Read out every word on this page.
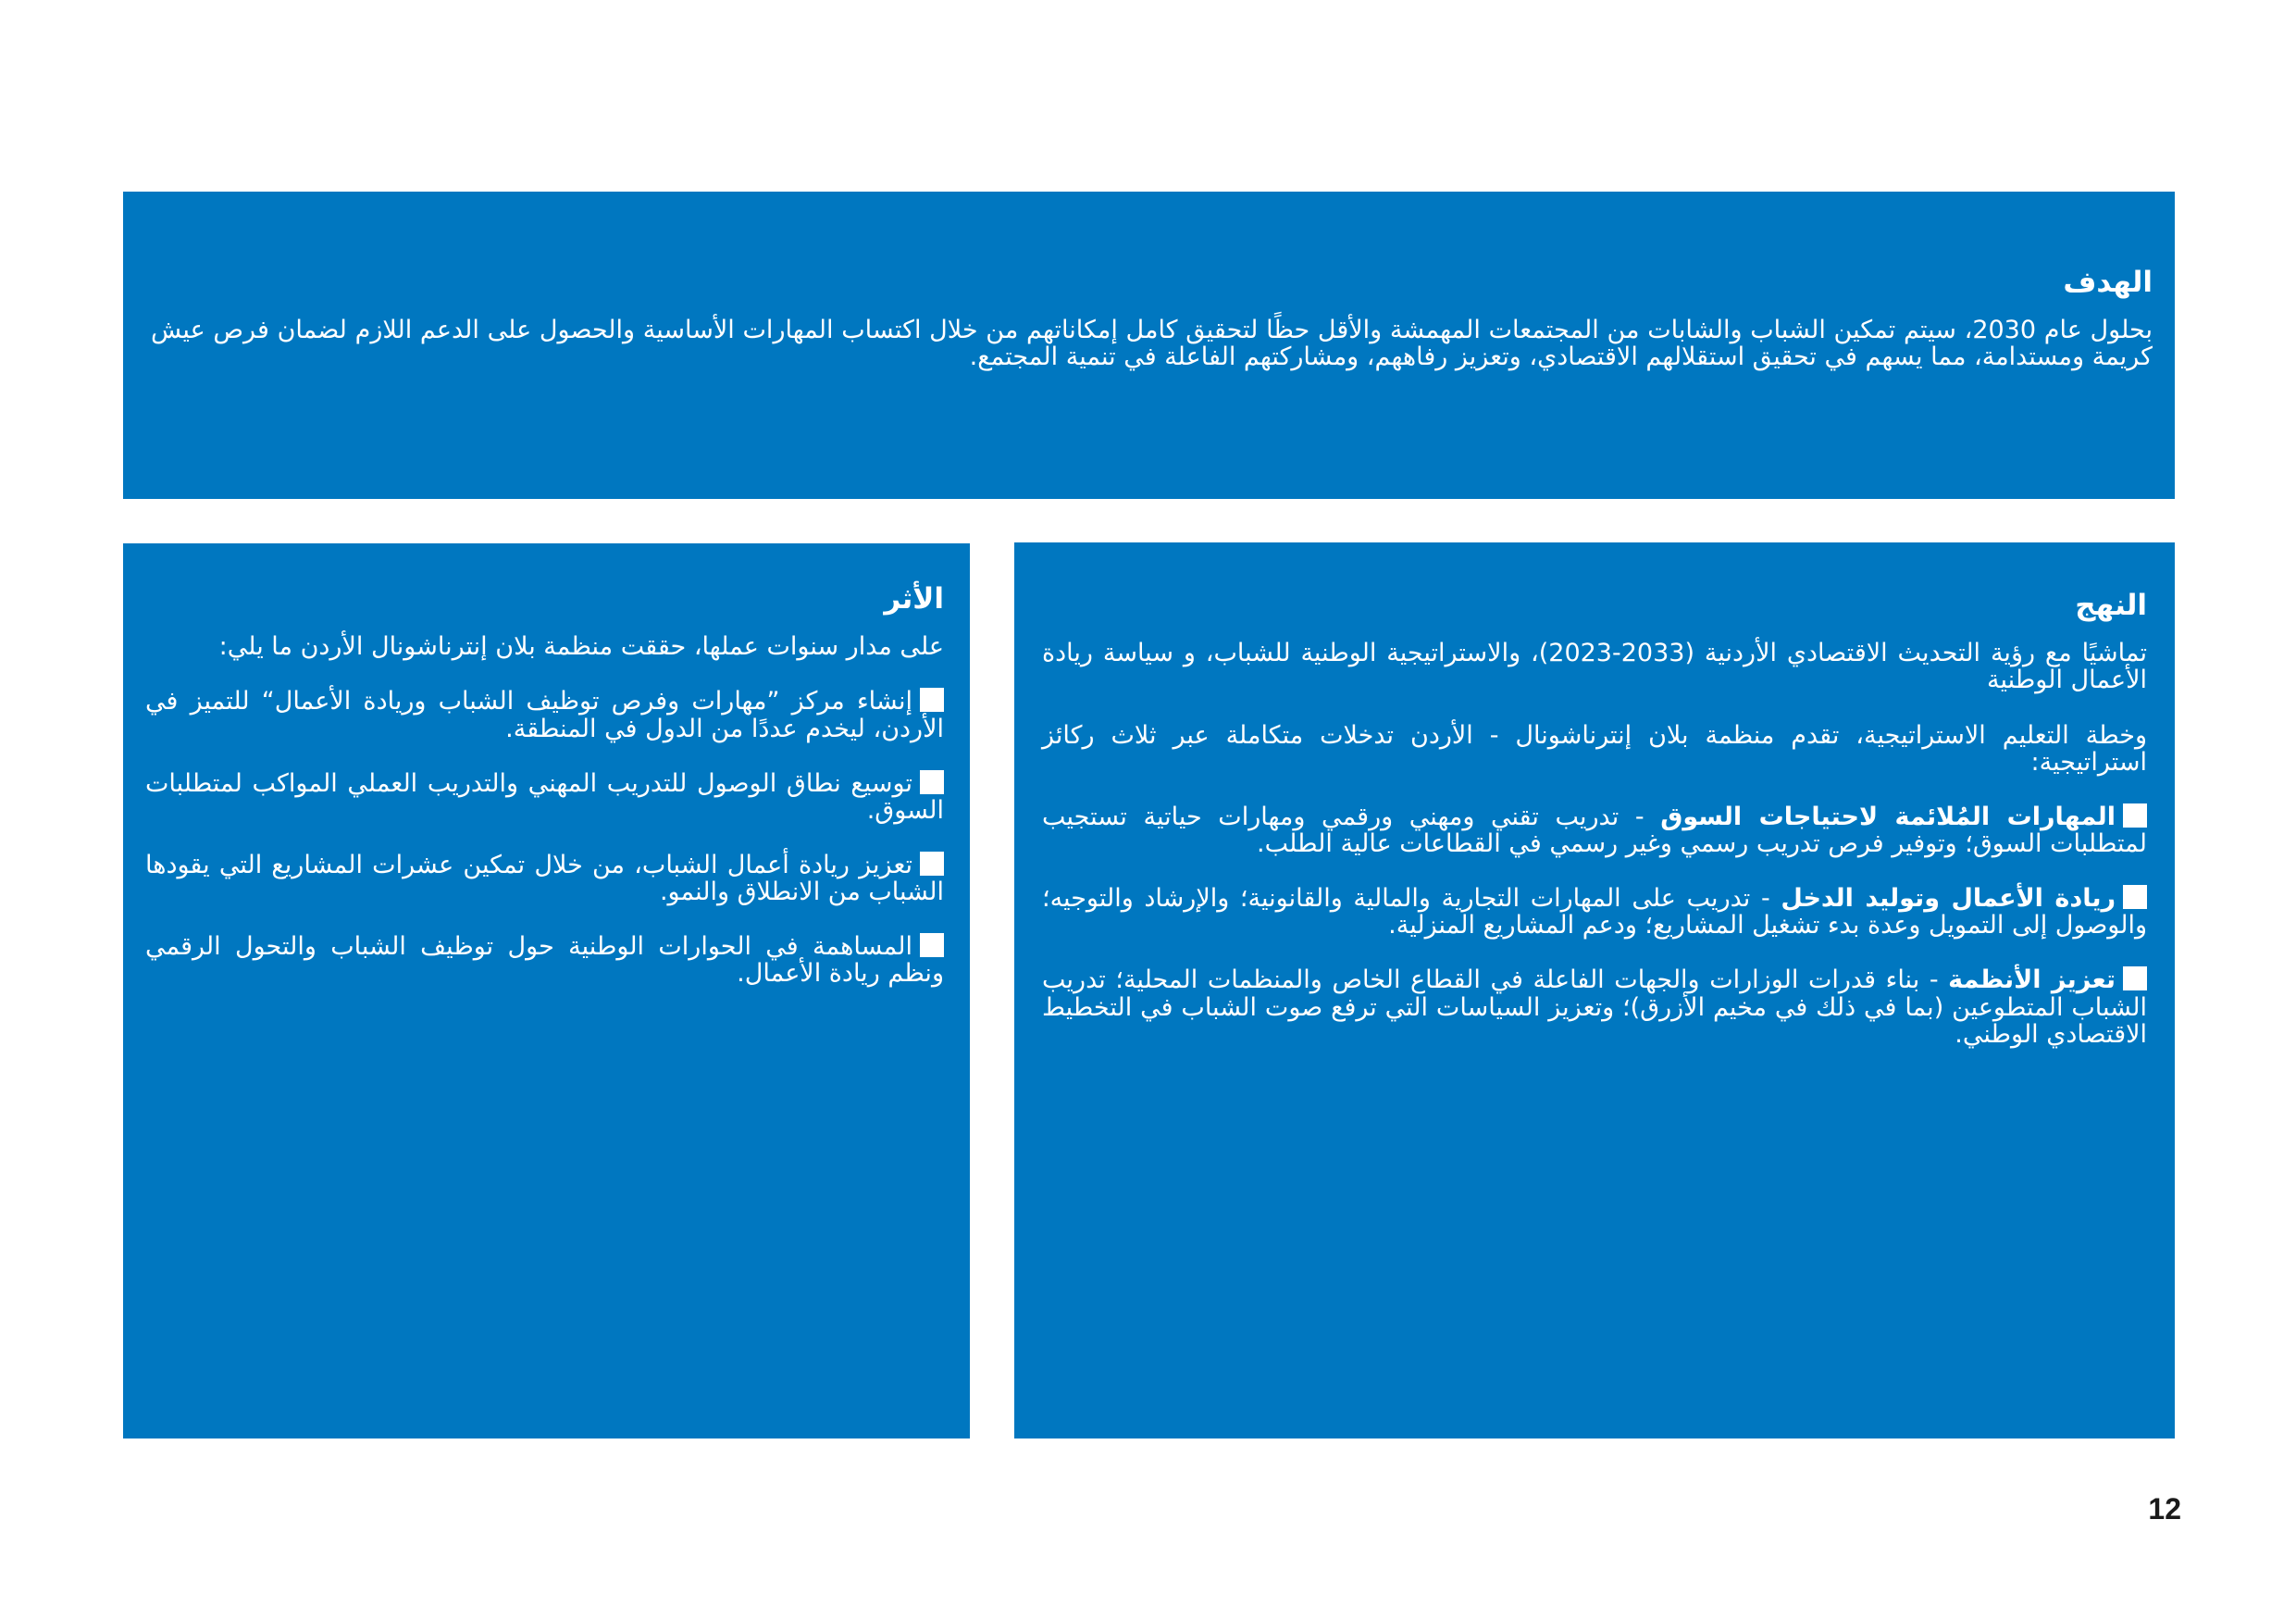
الهدف
بحلول عام 2030، سيتم تمكين الشباب والشابات من المجتمعات المهمشة والأقل حظًا لتحقيق كامل إمكاناتهم من خلال اكتساب المهارات الأساسية والحصول على الدعم اللازم لضمان فرص عيش كريمة ومستدامة، مما يسهم في تحقيق استقلالهم الاقتصادي، وتعزيز رفاههم، ومشاركتهم الفاعلة في تنمية المجتمع.
النهج
تماشيًا مع رؤية التحديث الاقتصادي الأردنية (2033-2023)، والاستراتيجية الوطنية للشباب، و سياسة ريادة الأعمال الوطنية
وخطة التعليم الاستراتيجية، تقدم منظمة بلان إنترناشونال - الأردن تدخلات متكاملة عبر ثلاث ركائز استراتيجية:
المهارات المُلائمة لاحتياجات السوق - تدريب تقني ومهني ورقمي ومهارات حياتية تستجيب لمتطلبات السوق؛ وتوفير فرص تدريب رسمي وغير رسمي في القطاعات عالية الطلب.
ريادة الأعمال وتوليد الدخل - تدريب على المهارات التجارية والمالية والقانونية؛ والإرشاد والتوجيه؛ والوصول إلى التمويل وعدة بدء تشغيل المشاريع؛ ودعم المشاريع المنزلية.
تعزيز الأنظمة - بناء قدرات الوزارات والجهات الفاعلة في القطاع الخاص والمنظمات المحلية؛ تدريب الشباب المتطوعين (بما في ذلك في مخيم الأزرق)؛ وتعزيز السياسات التي ترفع صوت الشباب في التخطيط الاقتصادي الوطني.
الأثر
على مدار سنوات عملها، حققت منظمة بلان إنترناشونال الأردن ما يلي:
إنشاء مركز ”مهارات وفرص توظيف الشباب وريادة الأعمال“ للتميز في الأردن، ليخدم عددًا من الدول في المنطقة.
توسيع نطاق الوصول للتدريب المهني والتدريب العملي المواكب لمتطلبات السوق.
تعزيز ريادة أعمال الشباب، من خلال تمكين عشرات المشاريع التي يقودها الشباب من الانطلاق والنمو.
المساهمة في الحوارات الوطنية حول توظيف الشباب والتحول الرقمي ونظم ريادة الأعمال.
12
